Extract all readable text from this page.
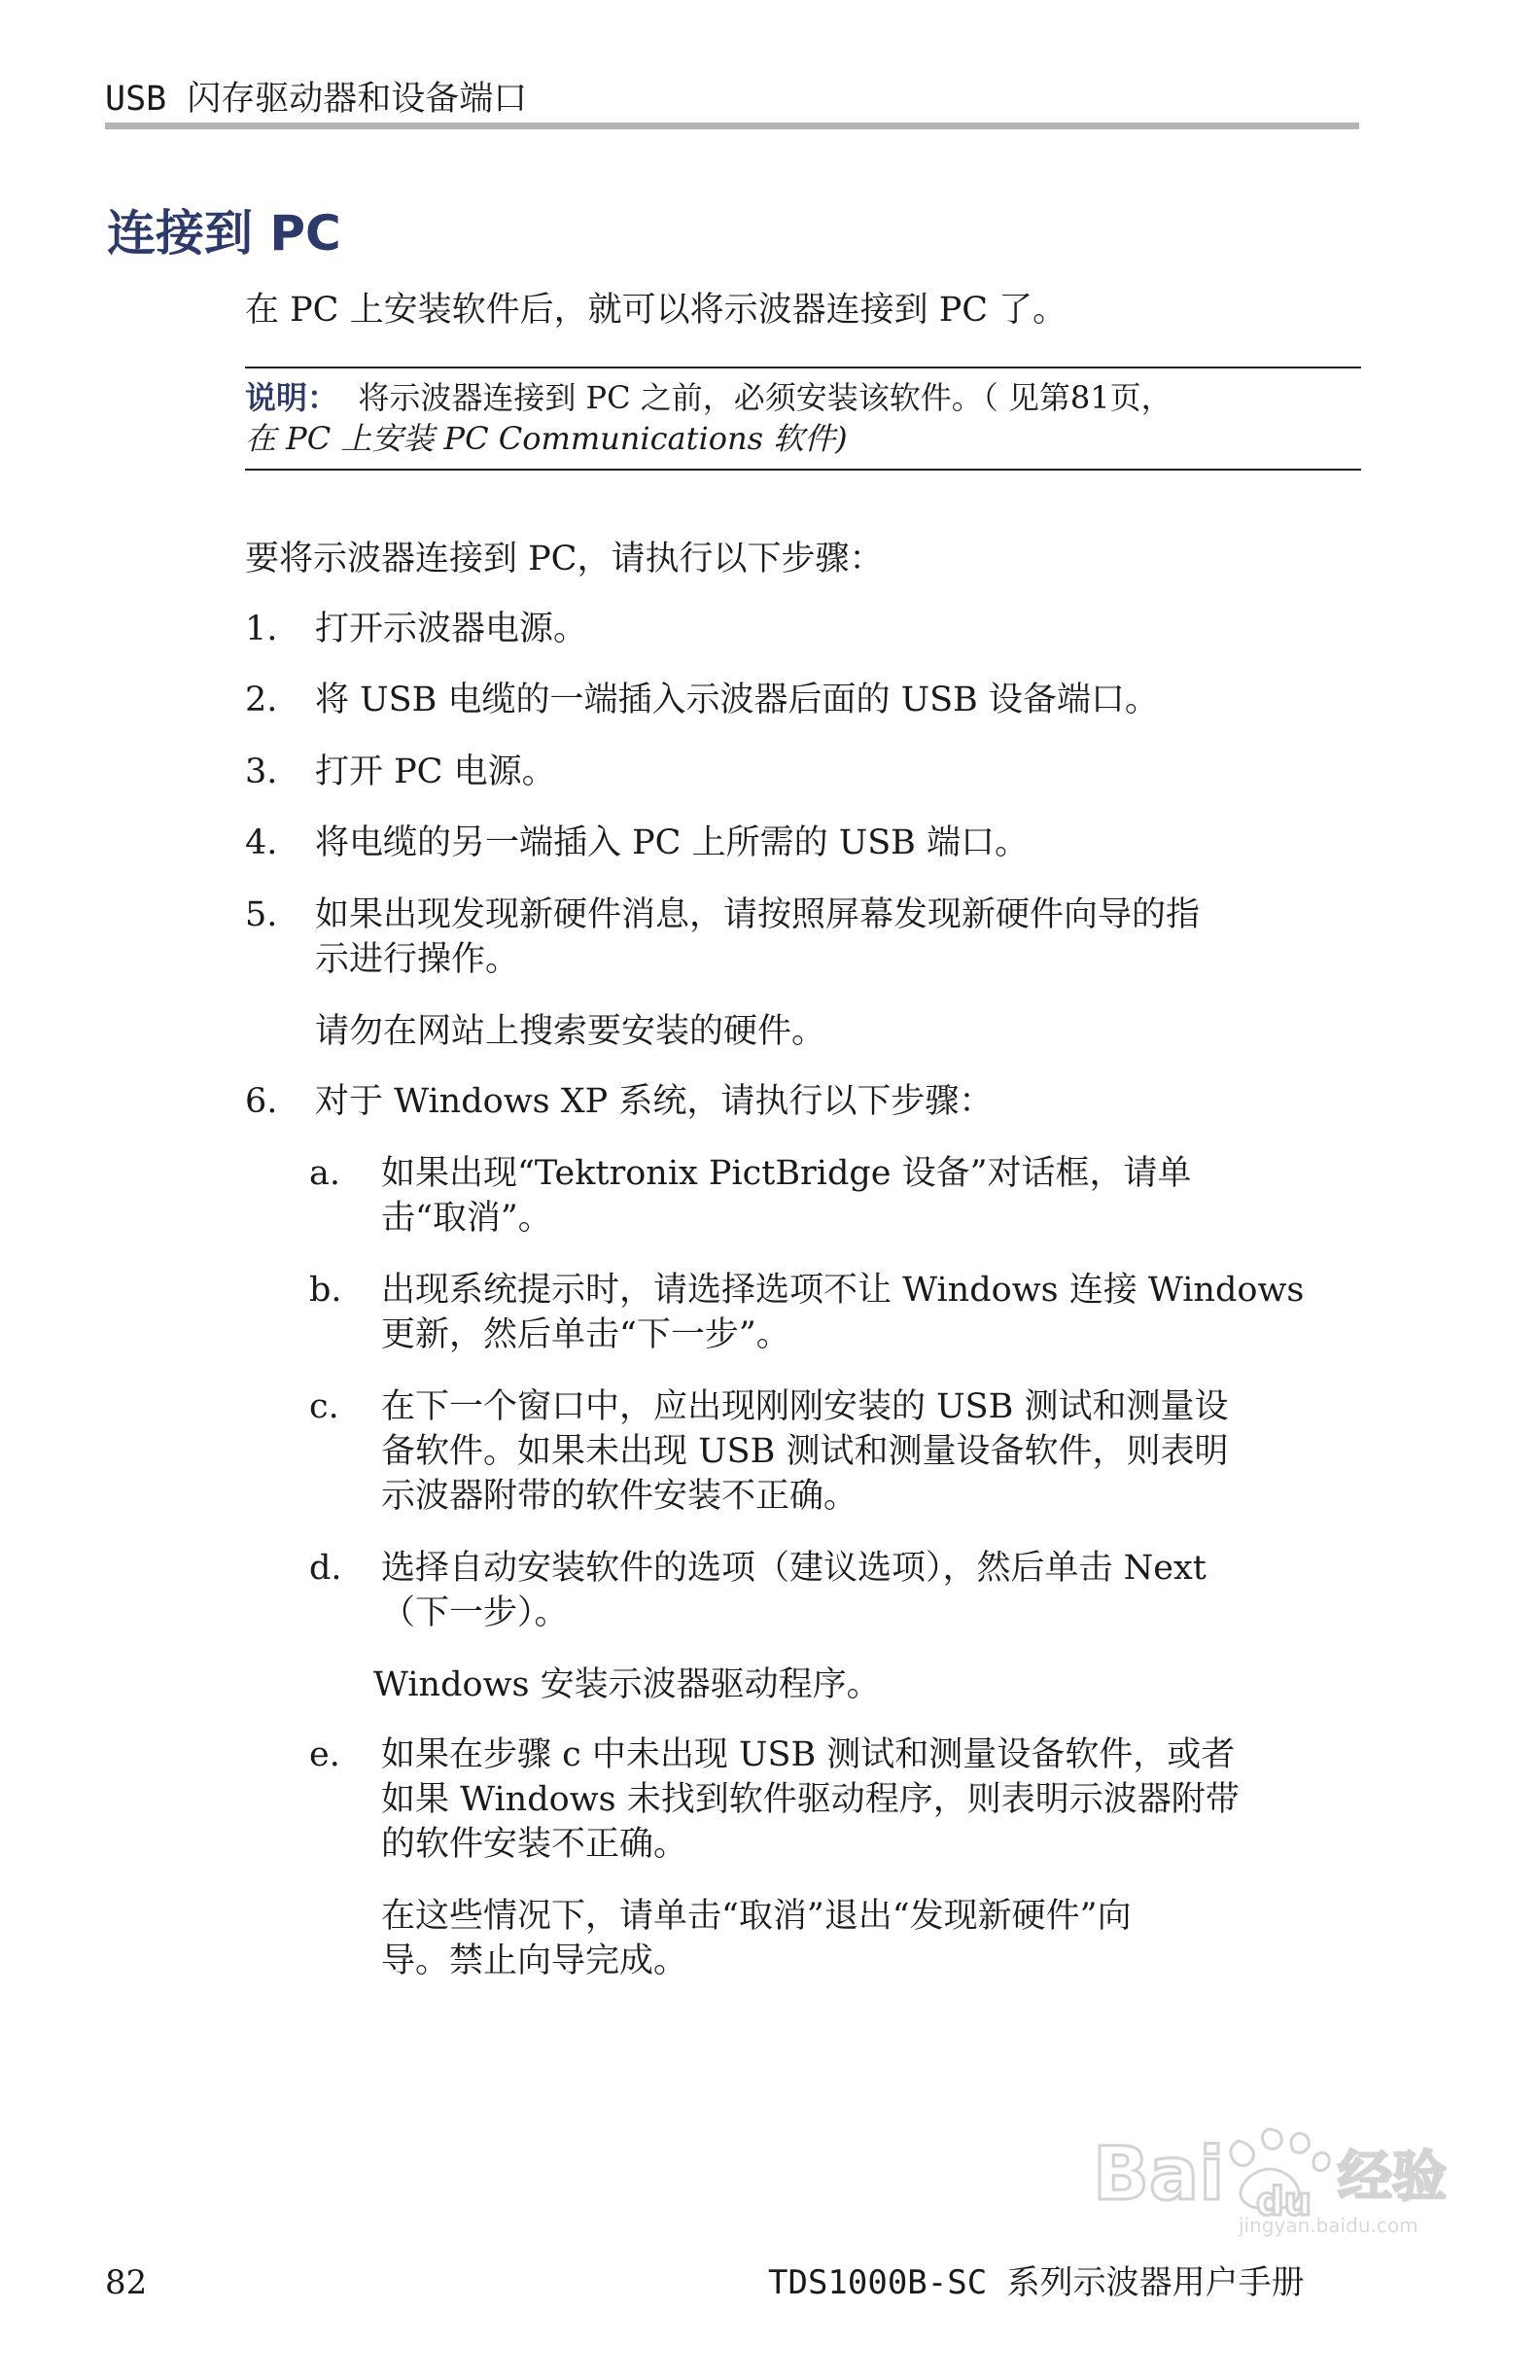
USB 闪存驱动器和设备端口
连接到 PC
在 PC 上安装软件后，就可以将示波器连接到 PC 了。
说明： 将示波器连接到 PC 之前，必须安装该软件。（ 见第81页，
在 PC 上安装 PC Communications 软件)
要将示波器连接到 PC，请执行以下步骤：
1. 打开示波器电源。
2. 将 USB 电缆的一端插入示波器后面的 USB 设备端口。
3. 打开 PC 电源。
4. 将电缆的另一端插入 PC 上所需的 USB 端口。
5. 如果出现发现新硬件消息，请按照屏幕发现新硬件向导的指
示进行操作。
请勿在网站上搜索要安装的硬件。
6. 对于 Windows XP 系统，请执行以下步骤：
a. 如果出现“Tektronix PictBridge 设备”对话框，请单
击“取消”。
b. 出现系统提示时，请选择选项不让 Windows 连接 Windows
更新，然后单击“下一步”。
c. 在下一个窗口中，应出现刚刚安装的 USB 测试和测量设
备软件。如果未出现 USB 测试和测量设备软件，则表明
示波器附带的软件安装不正确。
d. 选择自动安装软件的选项（建议选项），然后单击 Next
（下一步）。
Windows 安装示波器驱动程序。
e. 如果在步骤 c 中未出现 USB 测试和测量设备软件，或者
如果 Windows 未找到软件驱动程序，则表明示波器附带
的软件安装不正确。
在这些情况下，请单击“取消”退出“发现新硬件”向
导。禁止向导完成。
Bai du 经验
jingyan.baidu.com
82	TDS1000B-SC 系列示波器用户手册
